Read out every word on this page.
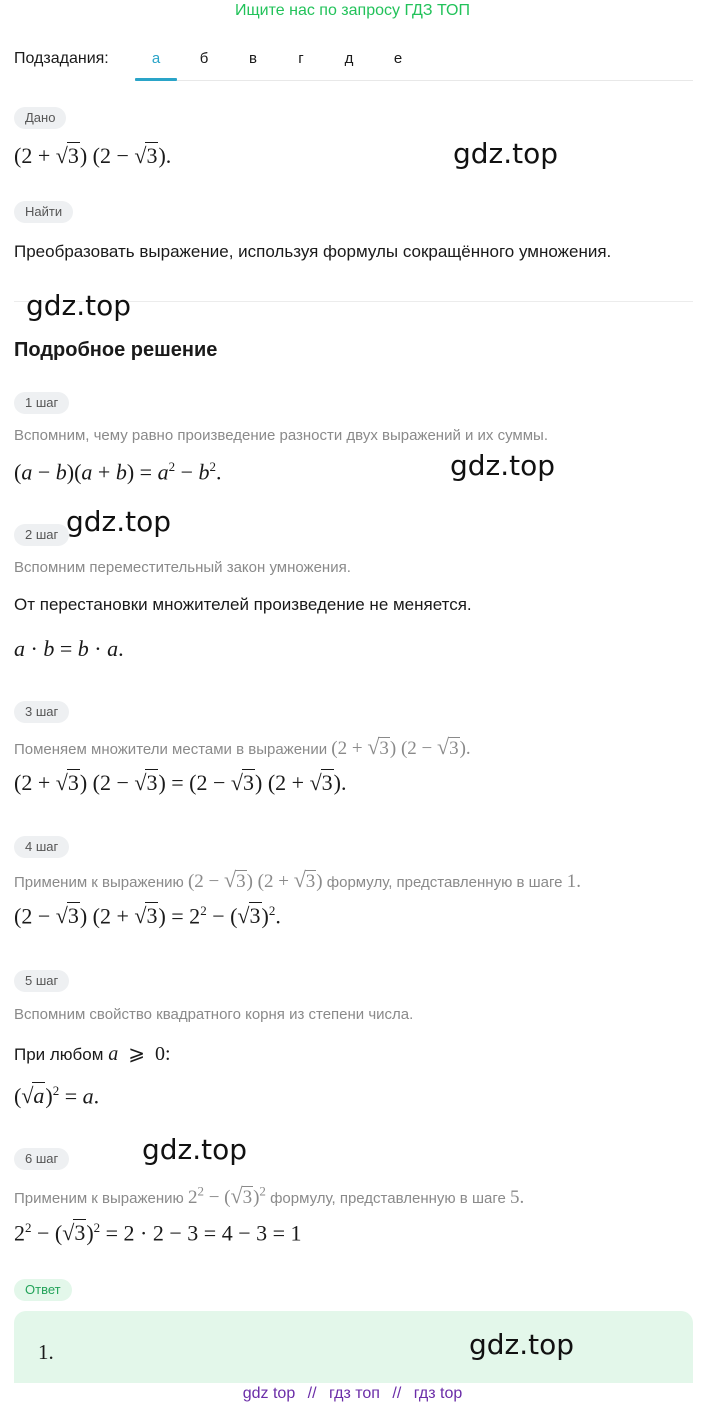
Ищите нас по запросу ГДЗ ТОП
Подзадания:	а	б	в	г	д	е
Дано
(2 + √3) (2 − √3).
Найти
Преобразовать выражение, используя формулы сокращённого умножения.
Подробное решение
1 шаг
Вспомним, чему равно произведение разности двух выражений и их суммы.
$(a - b)(a + b) = a^2 - b^2$.
2 шаг
Вспомним переместительный закон умножения.
От перестановки множителей произведение не меняется.
a · b = b · a.
3 шаг
Поменяем множители местами в выражении (2 + √3) (2 − √3).
(2 + √3) (2 − √3) = (2 − √3) (2 + √3).
4 шаг
Применим к выражению (2 − √3) (2 + √3) формулу, представленную в шаге 1.
(2 − √3) $(2 + √3) = 2^2 - (√3)^2$.
5 шаг
Вспомним свойство квадратного корня из степени числа.
При любом a  ⩾  0:
$(√a)^2 = a$.
6 шаг
Применим к выражению $2^2 - (√3)^2$ формулу, представленную в шаге 5.
$2^2 - (√3)^2 = 2 \cdot 2 - 3 = 4 - 3 = 1$
Ответ
1.
gdz.top
gdz.top
gdz.top
gdz.top
gdz.top
gdz.top
gdz top // гдз топ // гдз top
